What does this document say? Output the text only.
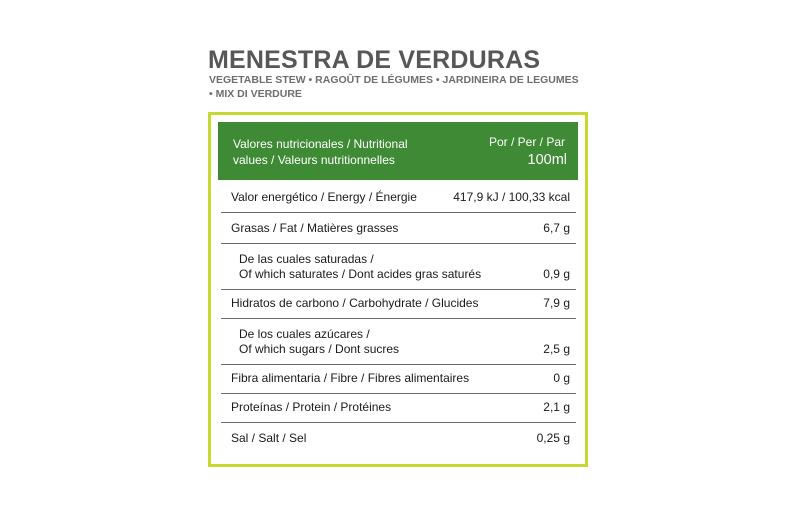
MENESTRA DE VERDURAS
VEGETABLE STEW • RAGOÛT DE LÉGUMES • JARDINEIRA DE LEGUMES • MIX DI VERDURE
Valores nutricionales / Nutritional
values / Valeurs nutritionnelles
Por / Per / Par
100ml
Valor energético / Energy / Énergie	417,9 kJ / 100,33 kcal
Grasas / Fat / Matières grasses	6,7 g
De las cuales saturadas /
Of which saturates / Dont acides gras saturés	0,9 g
Hidratos de carbono / Carbohydrate / Glucides	7,9 g
De los cuales azúcares /
Of which sugars / Dont sucres	2,5 g
Fibra alimentaria / Fibre / Fibres alimentaires	0 g
Proteínas / Protein / Protéines	2,1 g
Sal / Salt / Sel	0,25 g
